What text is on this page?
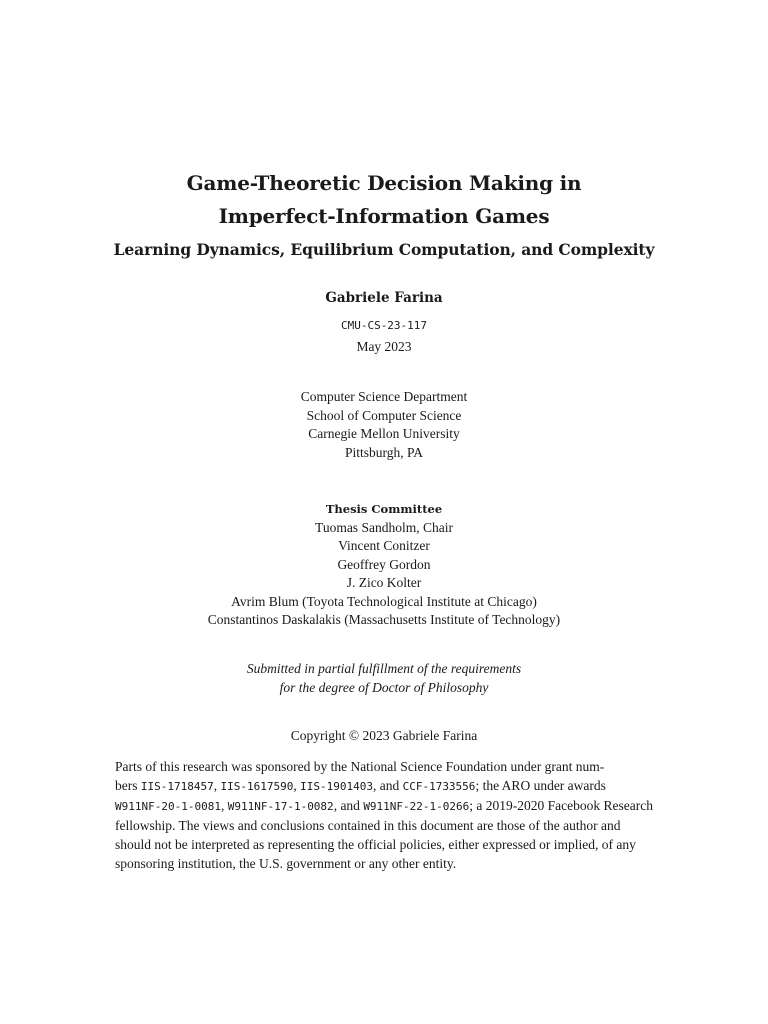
Game-Theoretic Decision Making in
Imperfect-Information Games
Learning Dynamics, Equilibrium Computation, and Complexity
Gabriele Farina
CMU-CS-23-117
May 2023
Computer Science Department
School of Computer Science
Carnegie Mellon University
Pittsburgh, PA
Thesis Committee
Tuomas Sandholm, Chair
Vincent Conitzer
Geoffrey Gordon
J. Zico Kolter
Avrim Blum (Toyota Technological Institute at Chicago)
Constantinos Daskalakis (Massachusetts Institute of Technology)
Submitted in partial fulfillment of the requirements
for the degree of Doctor of Philosophy
Copyright © 2023 Gabriele Farina
Parts of this research was sponsored by the National Science Foundation under grant num-
bers IIS-1718457, IIS-1617590, IIS-1901403, and CCF-1733556; the ARO under awards
W911NF-20-1-0081, W911NF-17-1-0082, and W911NF-22-1-0266; a 2019-2020 Facebook Research
fellowship. The views and conclusions contained in this document are those of the author and
should not be interpreted as representing the official policies, either expressed or implied, of any
sponsoring institution, the U.S. government or any other entity.
